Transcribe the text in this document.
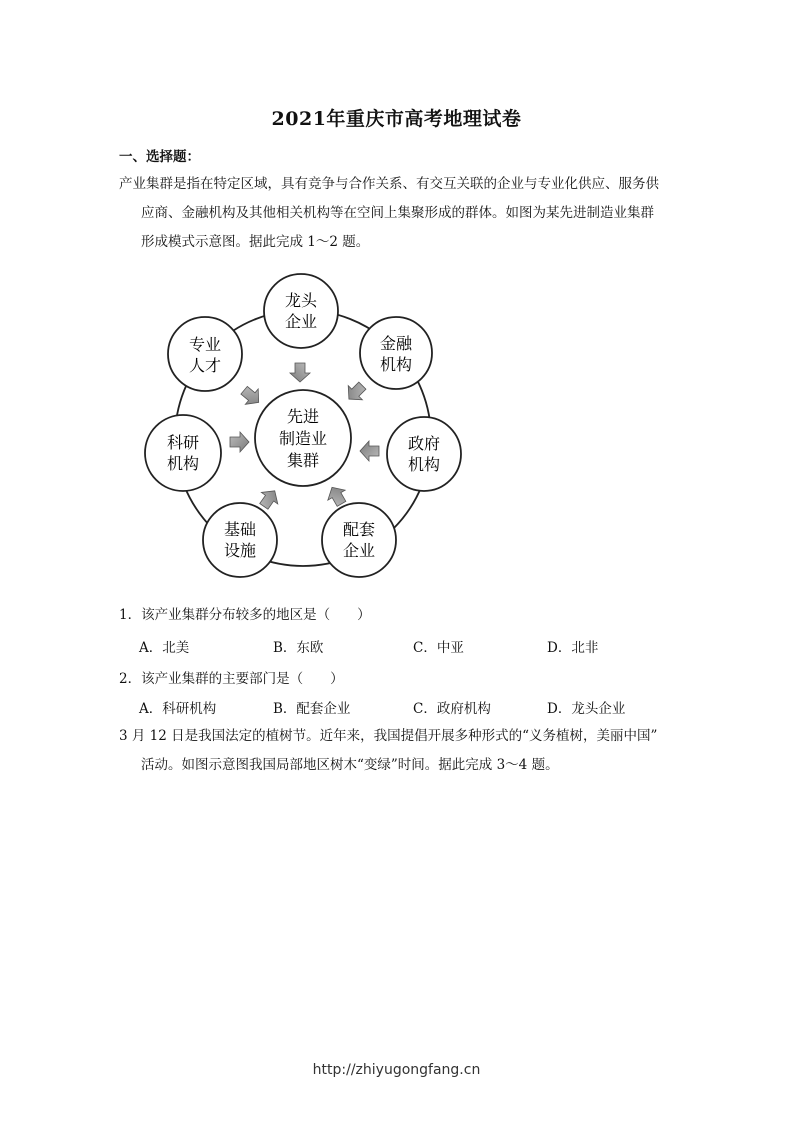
2021年重庆市高考地理试卷
一、选择题：
产业集群是指在特定区域，具有竞争与合作关系、有交互关联的企业与专业化供应、服务供
应商、金融机构及其他相关机构等在空间上集聚形成的群体。如图为某先进制造业集群
形成模式示意图。据此完成 1～2 题。
先进
制造业
集群
龙头
企业
金融
机构
政府
机构
配套
企业
基础
设施
科研
机构
专业
人才
1．该产业集群分布较多的地区是（　　）
A．北美	B．东欧	C．中亚	D．北非
2．该产业集群的主要部门是（　　）
A．科研机构	B．配套企业	C．政府机构	D．龙头企业
3 月 12 日是我国法定的植树节。近年来，我国提倡开展多种形式的“义务植树，美丽中国”
活动。如图示意图我国局部地区树木“变绿”时间。据此完成 3～4 题。
http://zhiyugongfang.cn
